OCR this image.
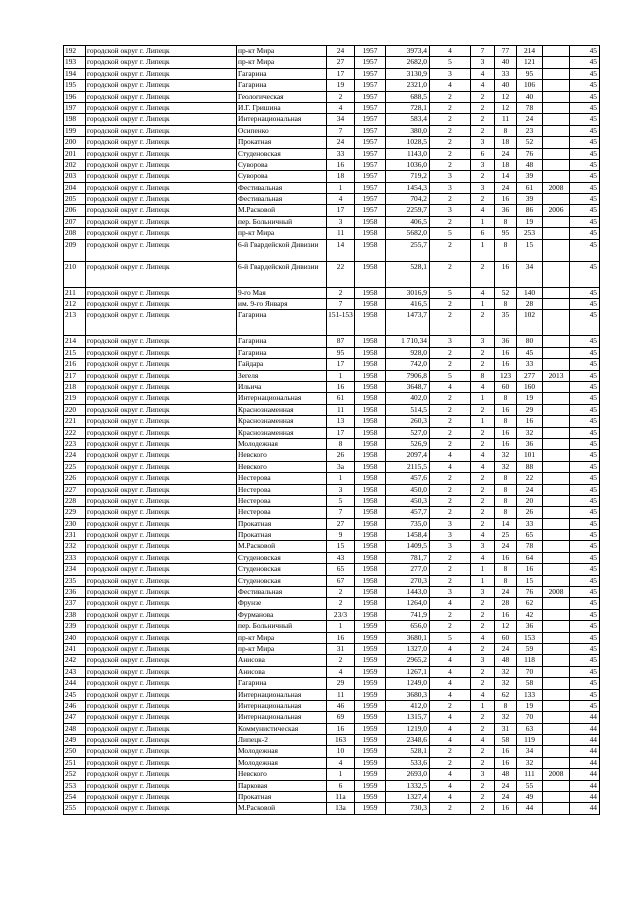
192	городской округ г. Липецк	пр-кт Мира	24	1957	3973,4	4	7	77	214		45
193	городской округ г. Липецк	пр-кт Мира	27	1957	2682,0	5	3	40	121		45
194	городской округ г. Липецк	Гагарина	17	1957	3130,9	3	4	33	95		45
195	городской округ г. Липецк	Гагарина	19	1957	2321,0	4	4	40	106		45
196	городской округ г. Липецк	Геологическая	2	1957	688,5	2	2	12	40		45
197	городской округ г. Липецк	И.Г. Гришина	4	1957	728,1	2	2	12	78		45
198	городской округ г. Липецк	Интернациональная	34	1957	583,4	2	2	11	24		45
199	городской округ г. Липецк	Осипенко	7	1957	380,0	2	2	8	23		45
200	городской округ г. Липецк	Прокатная	24	1957	1028,5	2	3	18	52		45
201	городской округ г. Липецк	Студеновская	33	1957	1143,0	2	6	24	76		45
202	городской округ г. Липецк	Суворова	16	1957	1036,0	2	3	18	48		45
203	городской округ г. Липецк	Суворова	18	1957	719,2	3	2	14	39		45
204	городской округ г. Липецк	Фестивальная	1	1957	1454,3	3	3	24	61	2008	45
205	городской округ г. Липецк	Фестивальная	4	1957	704,2	2	2	16	39		45
206	городской округ г. Липецк	М.Расковой	17	1957	2259,7	3	4	36	86	2006	45
207	городской округ г. Липецк	пер. Больничный	3	1958	406,5	2	1	8	19		45
208	городской округ г. Липецк	пр-кт Мира	11	1958	5682,0	5	6	95	253		45
209	городской округ г. Липецк	6-й Гвардейской Дивизии	14	1958	255,7	2	1	8	15		45
210	городской округ г. Липецк	6-й Гвардейской Дивизии	22	1958	528,1	2	2	16	34		45
211	городской округ г. Липецк	9-го Мая	2	1958	3016,9	5	4	52	140		45
212	городской округ г. Липецк	им. 9-го Января	7	1958	416,5	2	1	8	28		45
213	городской округ г. Липецк	Гагарина	151-153	1958	1473,7	2	2	35	102		45
214	городской округ г. Липецк	Гагарина	87	1958	1 710,34	3	3	36	80		45
215	городской округ г. Липецк	Гагарина	95	1958	928,0	2	2	16	45		45
216	городской округ г. Липецк	Гайдара	17	1958	742,0	2	2	16	33		45
217	городской округ г. Липецк	Зегеля	1	1958	7906,8	5	8	123	277	2013	45
218	городской округ г. Липецк	Ильича	16	1958	3648,7	4	4	60	160		45
219	городской округ г. Липецк	Интернациональная	61	1958	402,0	2	1	8	19		45
220	городской округ г. Липецк	Краснознаменная	11	1958	514,5	2	2	16	29		45
221	городской округ г. Липецк	Краснознаменная	13	1958	260,3	2	1	8	16		45
222	городской округ г. Липецк	Краснознаменная	17	1958	527,0	2	2	16	32		45
223	городской округ г. Липецк	Молодежная	8	1958	526,9	2	2	16	36		45
224	городской округ г. Липецк	Невского	26	1958	2097,4	4	4	32	101		45
225	городской округ г. Липецк	Невского	3а	1958	2115,5	4	4	32	88		45
226	городской округ г. Липецк	Нестерова	1	1958	457,6	2	2	8	22		45
227	городской округ г. Липецк	Нестерова	3	1958	450,0	2	2	8	24		45
228	городской округ г. Липецк	Нестерова	5	1958	450,3	2	2	8	20		45
229	городской округ г. Липецк	Нестерова	7	1958	457,7	2	2	8	26		45
230	городской округ г. Липецк	Прокатная	27	1958	735,0	3	2	14	33		45
231	городской округ г. Липецк	Прокатная	9	1958	1458,4	3	4	25	65		45
232	городской округ г. Липецк	М.Расковой	15	1958	1409,5	3	3	24	78		45
233	городской округ г. Липецк	Студеновская	43	1958	781,7	2	4	16	64		45
234	городской округ г. Липецк	Студеновская	65	1958	277,0	2	1	8	16		45
235	городской округ г. Липецк	Студеновская	67	1958	270,3	2	1	8	15		45
236	городской округ г. Липецк	Фестивальная	2	1958	1443,0	3	3	24	76	2008	45
237	городской округ г. Липецк	Фрунзе	2	1958	1264,0	4	2	28	62		45
238	городской округ г. Липецк	Фурманова	23/3	1958	741,9	2	2	16	42		45
239	городской округ г. Липецк	пер. Больничный	1	1959	656,0	2	2	12	36		45
240	городской округ г. Липецк	пр-кт Мира	16	1959	3680,1	5	4	60	153		45
241	городской округ г. Липецк	пр-кт Мира	31	1959	1327,0	4	2	24	59		45
242	городской округ г. Липецк	Анисова	2	1959	2965,2	4	3	48	118		45
243	городской округ г. Липецк	Анисова	4	1959	1267,1	4	2	32	70		45
244	городской округ г. Липецк	Гагарина	29	1959	1249,0	4	2	32	58		45
245	городской округ г. Липецк	Интернациональная	11	1959	3680,3	4	4	62	133		45
246	городской округ г. Липецк	Интернациональная	46	1959	412,0	2	1	8	19		45
247	городской округ г. Липецк	Интернациональная	69	1959	1315,7	4	2	32	70		44
248	городской округ г. Липецк	Коммунистическая	16	1959	1219,0	4	2	31	63		44
249	городской округ г. Липецк	Липецк-2	163	1959	2348,6	4	4	58	119		44
250	городской округ г. Липецк	Молодежная	10	1959	528,1	2	2	16	34		44
251	городской округ г. Липецк	Молодежная	4	1959	533,6	2	2	16	32		44
252	городской округ г. Липецк	Невского	1	1959	2693,0	4	3	48	111	2008	44
253	городской округ г. Липецк	Парковая	6	1959	1332,5	4	2	24	55		44
254	городской округ г. Липецк	Прокатная	11а	1959	1327,4	4	2	24	49		44
255	городской округ г. Липецк	М.Расковой	13а	1959	730,3	2	2	16	44		44
